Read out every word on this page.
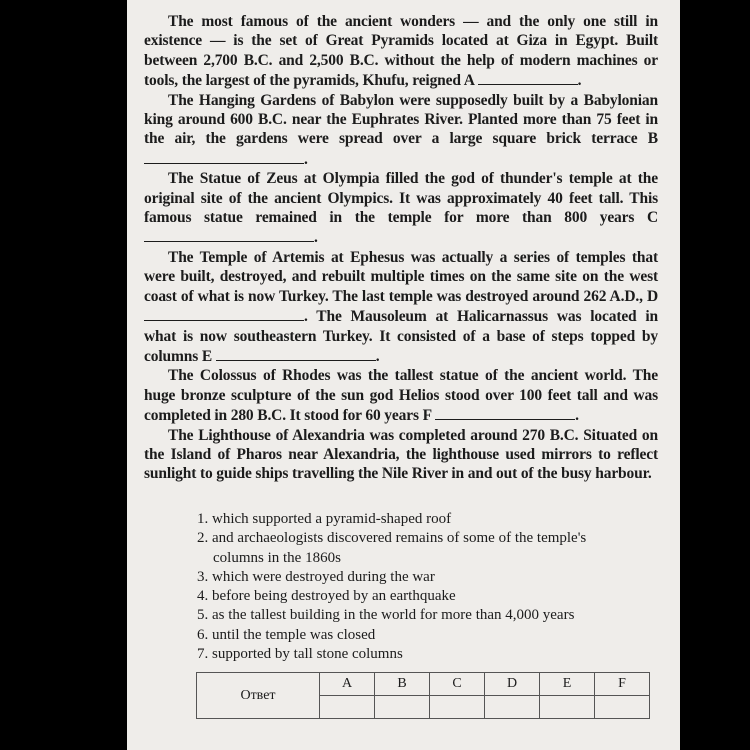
The most famous of the ancient wonders — and the only one still in existence — is the set of Great Pyramids located at Giza in Egypt. Built between 2,700 B.C. and 2,500 B.C. without the help of modern machines or tools, the largest of the pyramids, Khufu, reigned A	.

The Hanging Gardens of Babylon were supposedly built by a Babylonian king around 600 B.C. near the Euphrates River. Planted more than 75 feet in the air, the gardens were spread over a large square brick terrace B .

The Statue of Zeus at Olympia filled the god of thunder's temple at the original site of the ancient Olympics. It was approximately 40 feet tall. This famous statue remained in the temple for more than 800 years C .

The Temple of Artemis at Ephesus was actually a series of temples that were built, destroyed, and rebuilt multiple times on the same site on the west coast of what is now Turkey. The last temple was destroyed around 262 A.D., D . The Mausoleum at Halicarnassus was located in what is now southeastern Turkey. It consisted of a base of steps topped by columns E	.

The Colossus of Rhodes was the tallest statue of the ancient world. The huge bronze sculpture of the sun god Helios stood over 100 feet tall and was completed in 280 B.C. It stood for 60 years F	.

The Lighthouse of Alexandria was completed around 270 B.C. Situated on the Island of Pharos near Alexandria, the lighthouse used mirrors to reflect sunlight to guide ships travelling the Nile River in and out of the busy harbour.

1. which supported a pyramid-shaped roof
2. and archaeologists discovered remains of some of the temple's
columns in the 1860s
3. which were destroyed during the war
4. before being destroyed by an earthquake
5. as the tallest building in the world for more than 4,000 years
6. until the temple was closed
7. supported by tall stone columns
Ответ	A	B	C	D	E	F
